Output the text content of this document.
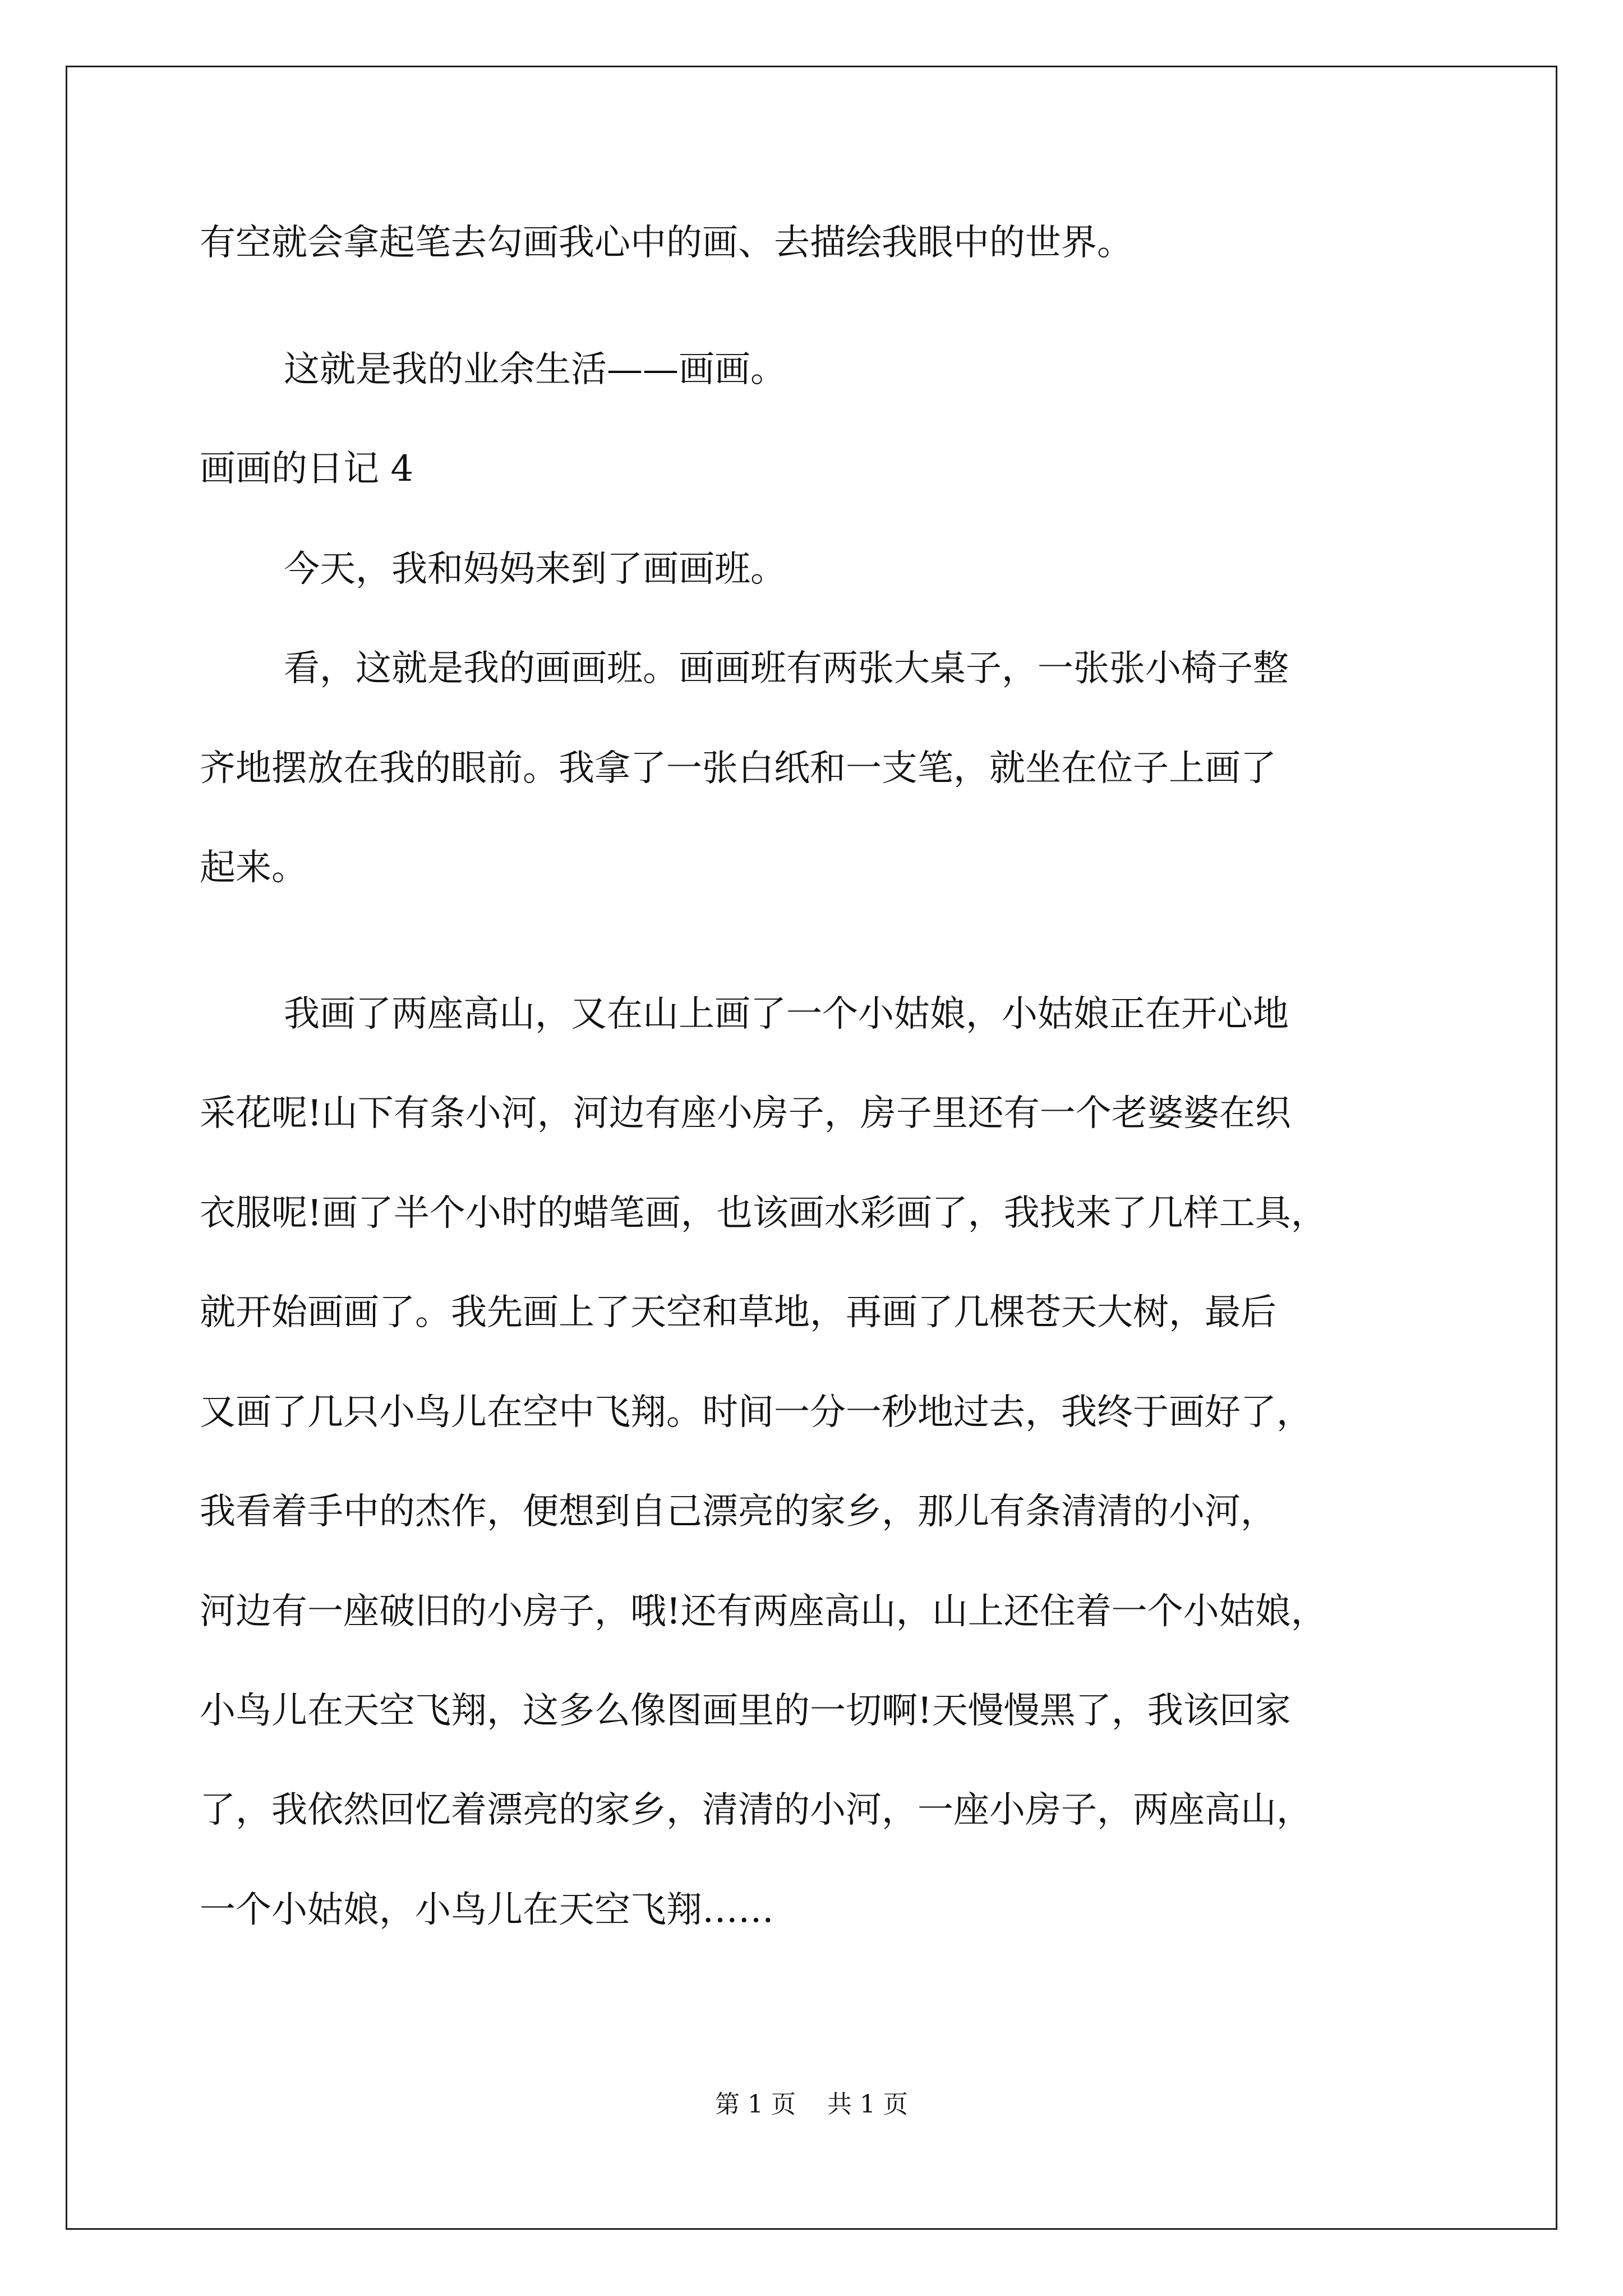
有空就会拿起笔去勾画我心中的画、去描绘我眼中的世界。
这就是我的业余生活——画画。
画画的日记 4
今天，我和妈妈来到了画画班。
看，这就是我的画画班。画画班有两张大桌子，一张张小椅子整
齐地摆放在我的眼前。我拿了一张白纸和一支笔，就坐在位子上画了
起来。
我画了两座高山，又在山上画了一个小姑娘，小姑娘正在开心地
采花呢!山下有条小河，河边有座小房子，房子里还有一个老婆婆在织
衣服呢!画了半个小时的蜡笔画，也该画水彩画了，我找来了几样工具，
就开始画画了。我先画上了天空和草地，再画了几棵苍天大树，最后
又画了几只小鸟儿在空中飞翔。时间一分一秒地过去，我终于画好了，
我看着手中的杰作，便想到自己漂亮的家乡，那儿有条清清的小河，
河边有一座破旧的小房子，哦!还有两座高山，山上还住着一个小姑娘，
小鸟儿在天空飞翔，这多么像图画里的一切啊!天慢慢黑了，我该回家
了，我依然回忆着漂亮的家乡，清清的小河，一座小房子，两座高山，
一个小姑娘，小鸟儿在天空飞翔……
第 1 页    共 1 页
